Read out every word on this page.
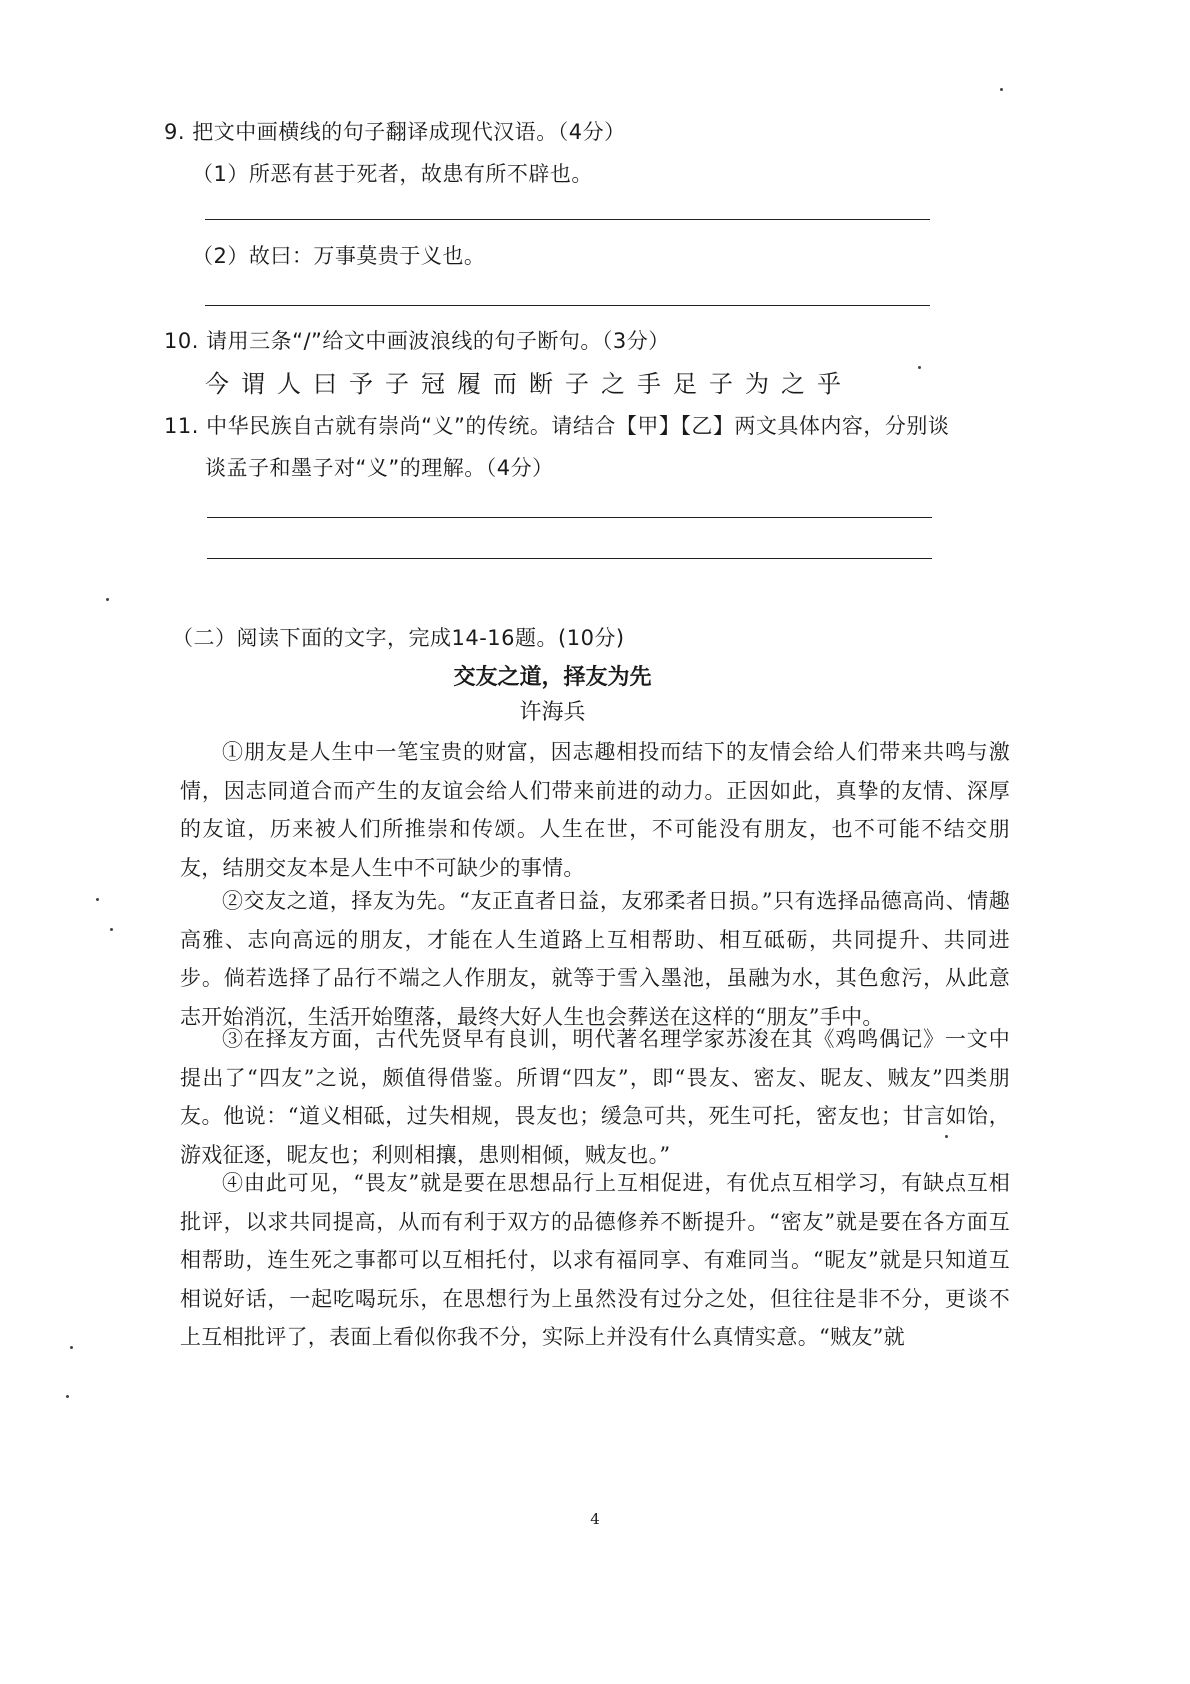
9. 把文中画横线的句子翻译成现代汉语。（4分）
（1）所恶有甚于死者，故患有所不辟也。
（2）故曰：万事莫贵于义也。
10. 请用三条“/”给文中画波浪线的句子断句。（3分）
今谓人曰予子冠履而断子之手足子为之乎
11. 中华民族自古就有崇尚“义”的传统。请结合【甲】【乙】两文具体内容，分别谈
谈孟子和墨子对“义”的理解。（4分）
（二）阅读下面的文字，完成14-16题。(10分)
交友之道，择友为先
许海兵
①朋友是人生中一笔宝贵的财富，因志趣相投而结下的友情会给人们带来共鸣与激情，因志同道合而产生的友谊会给人们带来前进的动力。正因如此，真挚的友情、深厚的友谊，历来被人们所推崇和传颂。人生在世，不可能没有朋友，也不可能不结交朋友，结朋交友本是人生中不可缺少的事情。
②交友之道，择友为先。“友正直者日益，友邪柔者日损。”只有选择品德高尚、情趣高雅、志向高远的朋友，才能在人生道路上互相帮助、相互砥砺，共同提升、共同进步。倘若选择了品行不端之人作朋友，就等于雪入墨池，虽融为水，其色愈污，从此意志开始消沉，生活开始堕落，最终大好人生也会葬送在这样的“朋友”手中。
③在择友方面，古代先贤早有良训，明代著名理学家苏浚在其《鸡鸣偶记》一文中提出了“四友”之说，颇值得借鉴。所谓“四友”，即“畏友、密友、昵友、贼友”四类朋友。他说：“道义相砥，过失相规，畏友也；缓急可共，死生可托，密友也；甘言如饴，游戏征逐，昵友也；利则相攘，患则相倾，贼友也。”
④由此可见，“畏友”就是要在思想品行上互相促进，有优点互相学习，有缺点互相批评，以求共同提高，从而有利于双方的品德修养不断提升。“密友”就是要在各方面互相帮助，连生死之事都可以互相托付，以求有福同享、有难同当。“昵友”就是只知道互相说好话，一起吃喝玩乐，在思想行为上虽然没有过分之处，但往往是非不分，更谈不上互相批评了，表面上看似你我不分，实际上并没有什么真情实意。“贼友”就
4
